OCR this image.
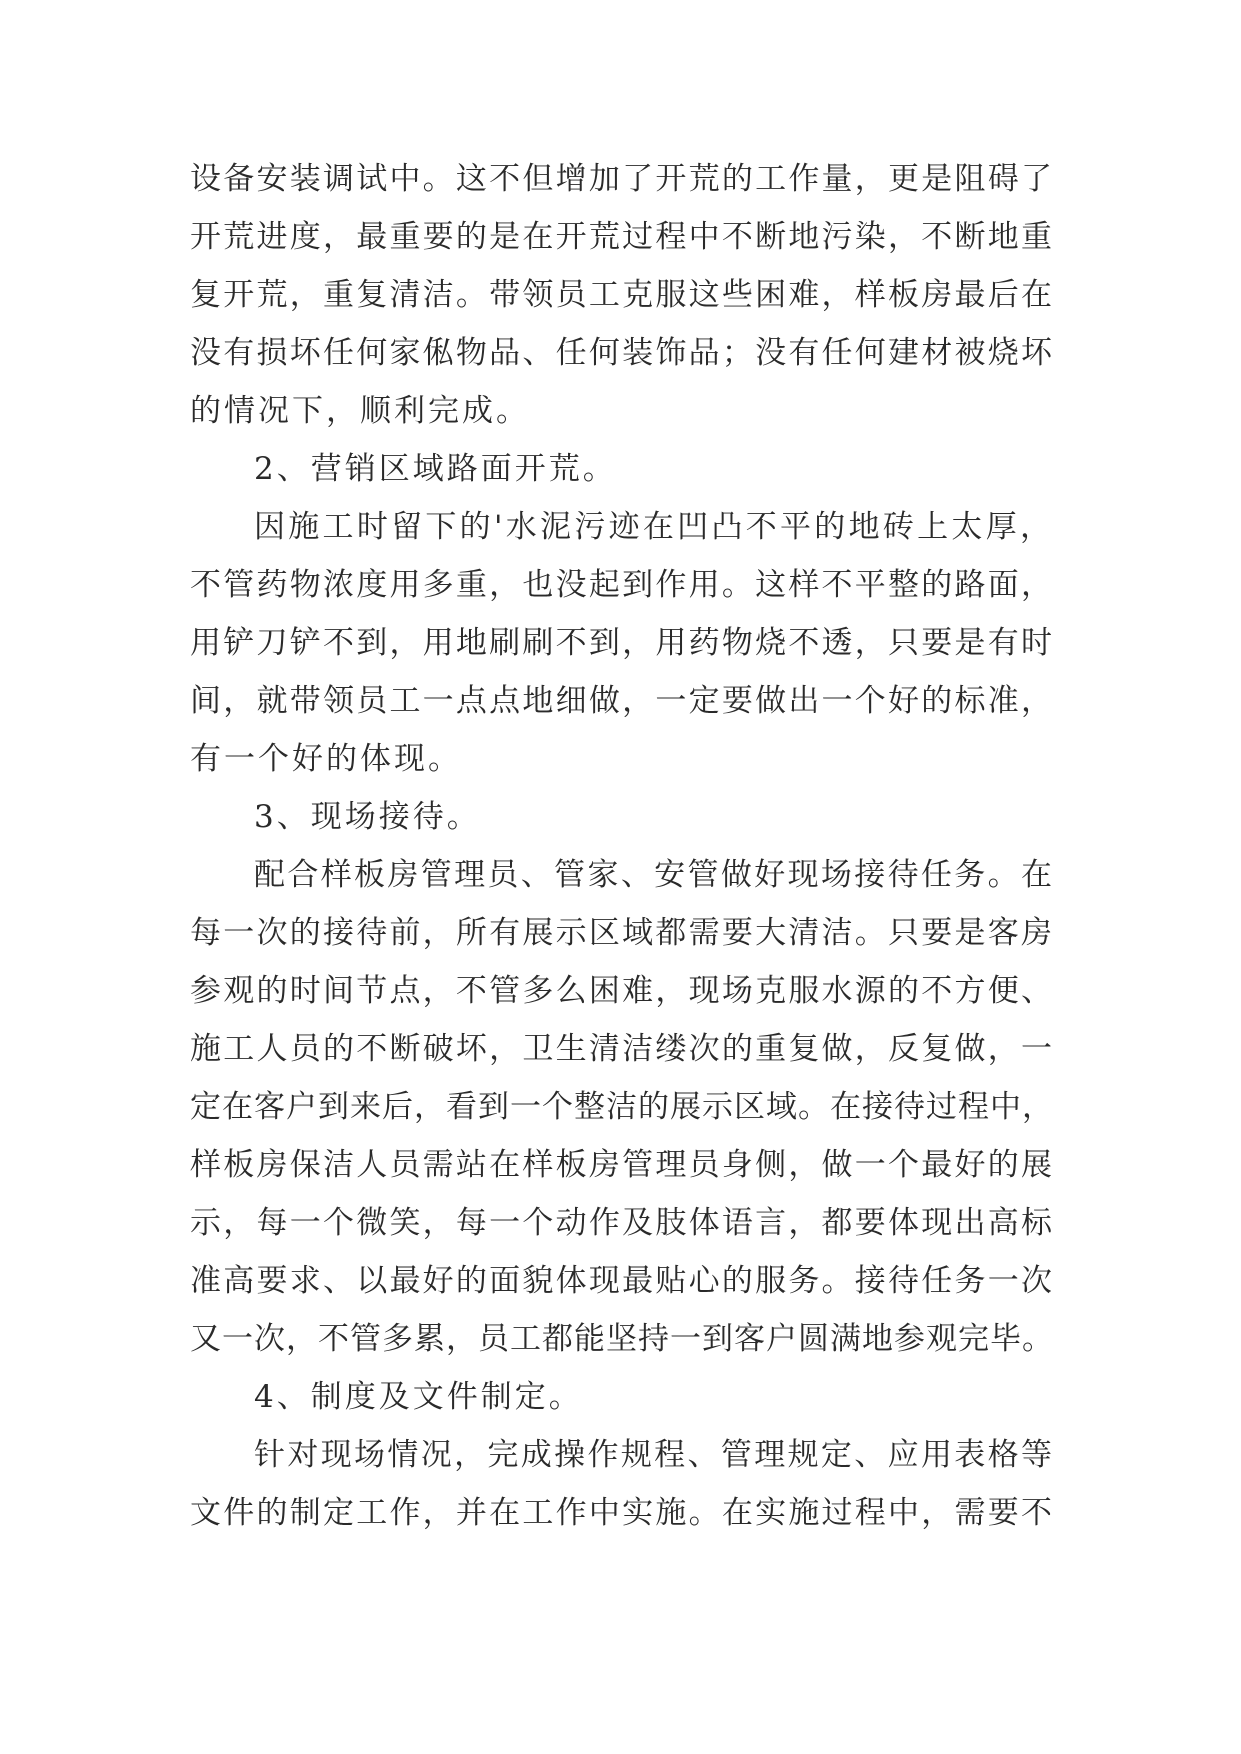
设备安装调试中。这不但增加了开荒的工作量，更是阻碍了
开荒进度，最重要的是在开荒过程中不断地污染，不断地重
复开荒，重复清洁。带领员工克服这些困难，样板房最后在
没有损坏任何家俬物品、任何装饰品；没有任何建材被烧坏
的情况下，顺利完成。
2、营销区域路面开荒。
因施工时留下的'水泥污迹在凹凸不平的地砖上太厚，
不管药物浓度用多重，也没起到作用。这样不平整的路面，
用铲刀铲不到，用地刷刷不到，用药物烧不透，只要是有时
间，就带领员工一点点地细做，一定要做出一个好的标准，
有一个好的体现。
3、现场接待。
配合样板房管理员、管家、安管做好现场接待任务。在
每一次的接待前，所有展示区域都需要大清洁。只要是客房
参观的时间节点，不管多么困难，现场克服水源的不方便、
施工人员的不断破坏，卫生清洁缕次的重复做，反复做，一
定在客户到来后，看到一个整洁的展示区域。在接待过程中，
样板房保洁人员需站在样板房管理员身侧，做一个最好的展
示，每一个微笑，每一个动作及肢体语言，都要体现出高标
准高要求、以最好的面貌体现最贴心的服务。接待任务一次
又一次，不管多累，员工都能坚持一到客户圆满地参观完毕。
4、制度及文件制定。
针对现场情况，完成操作规程、管理规定、应用表格等
文件的制定工作，并在工作中实施。在实施过程中，需要不
